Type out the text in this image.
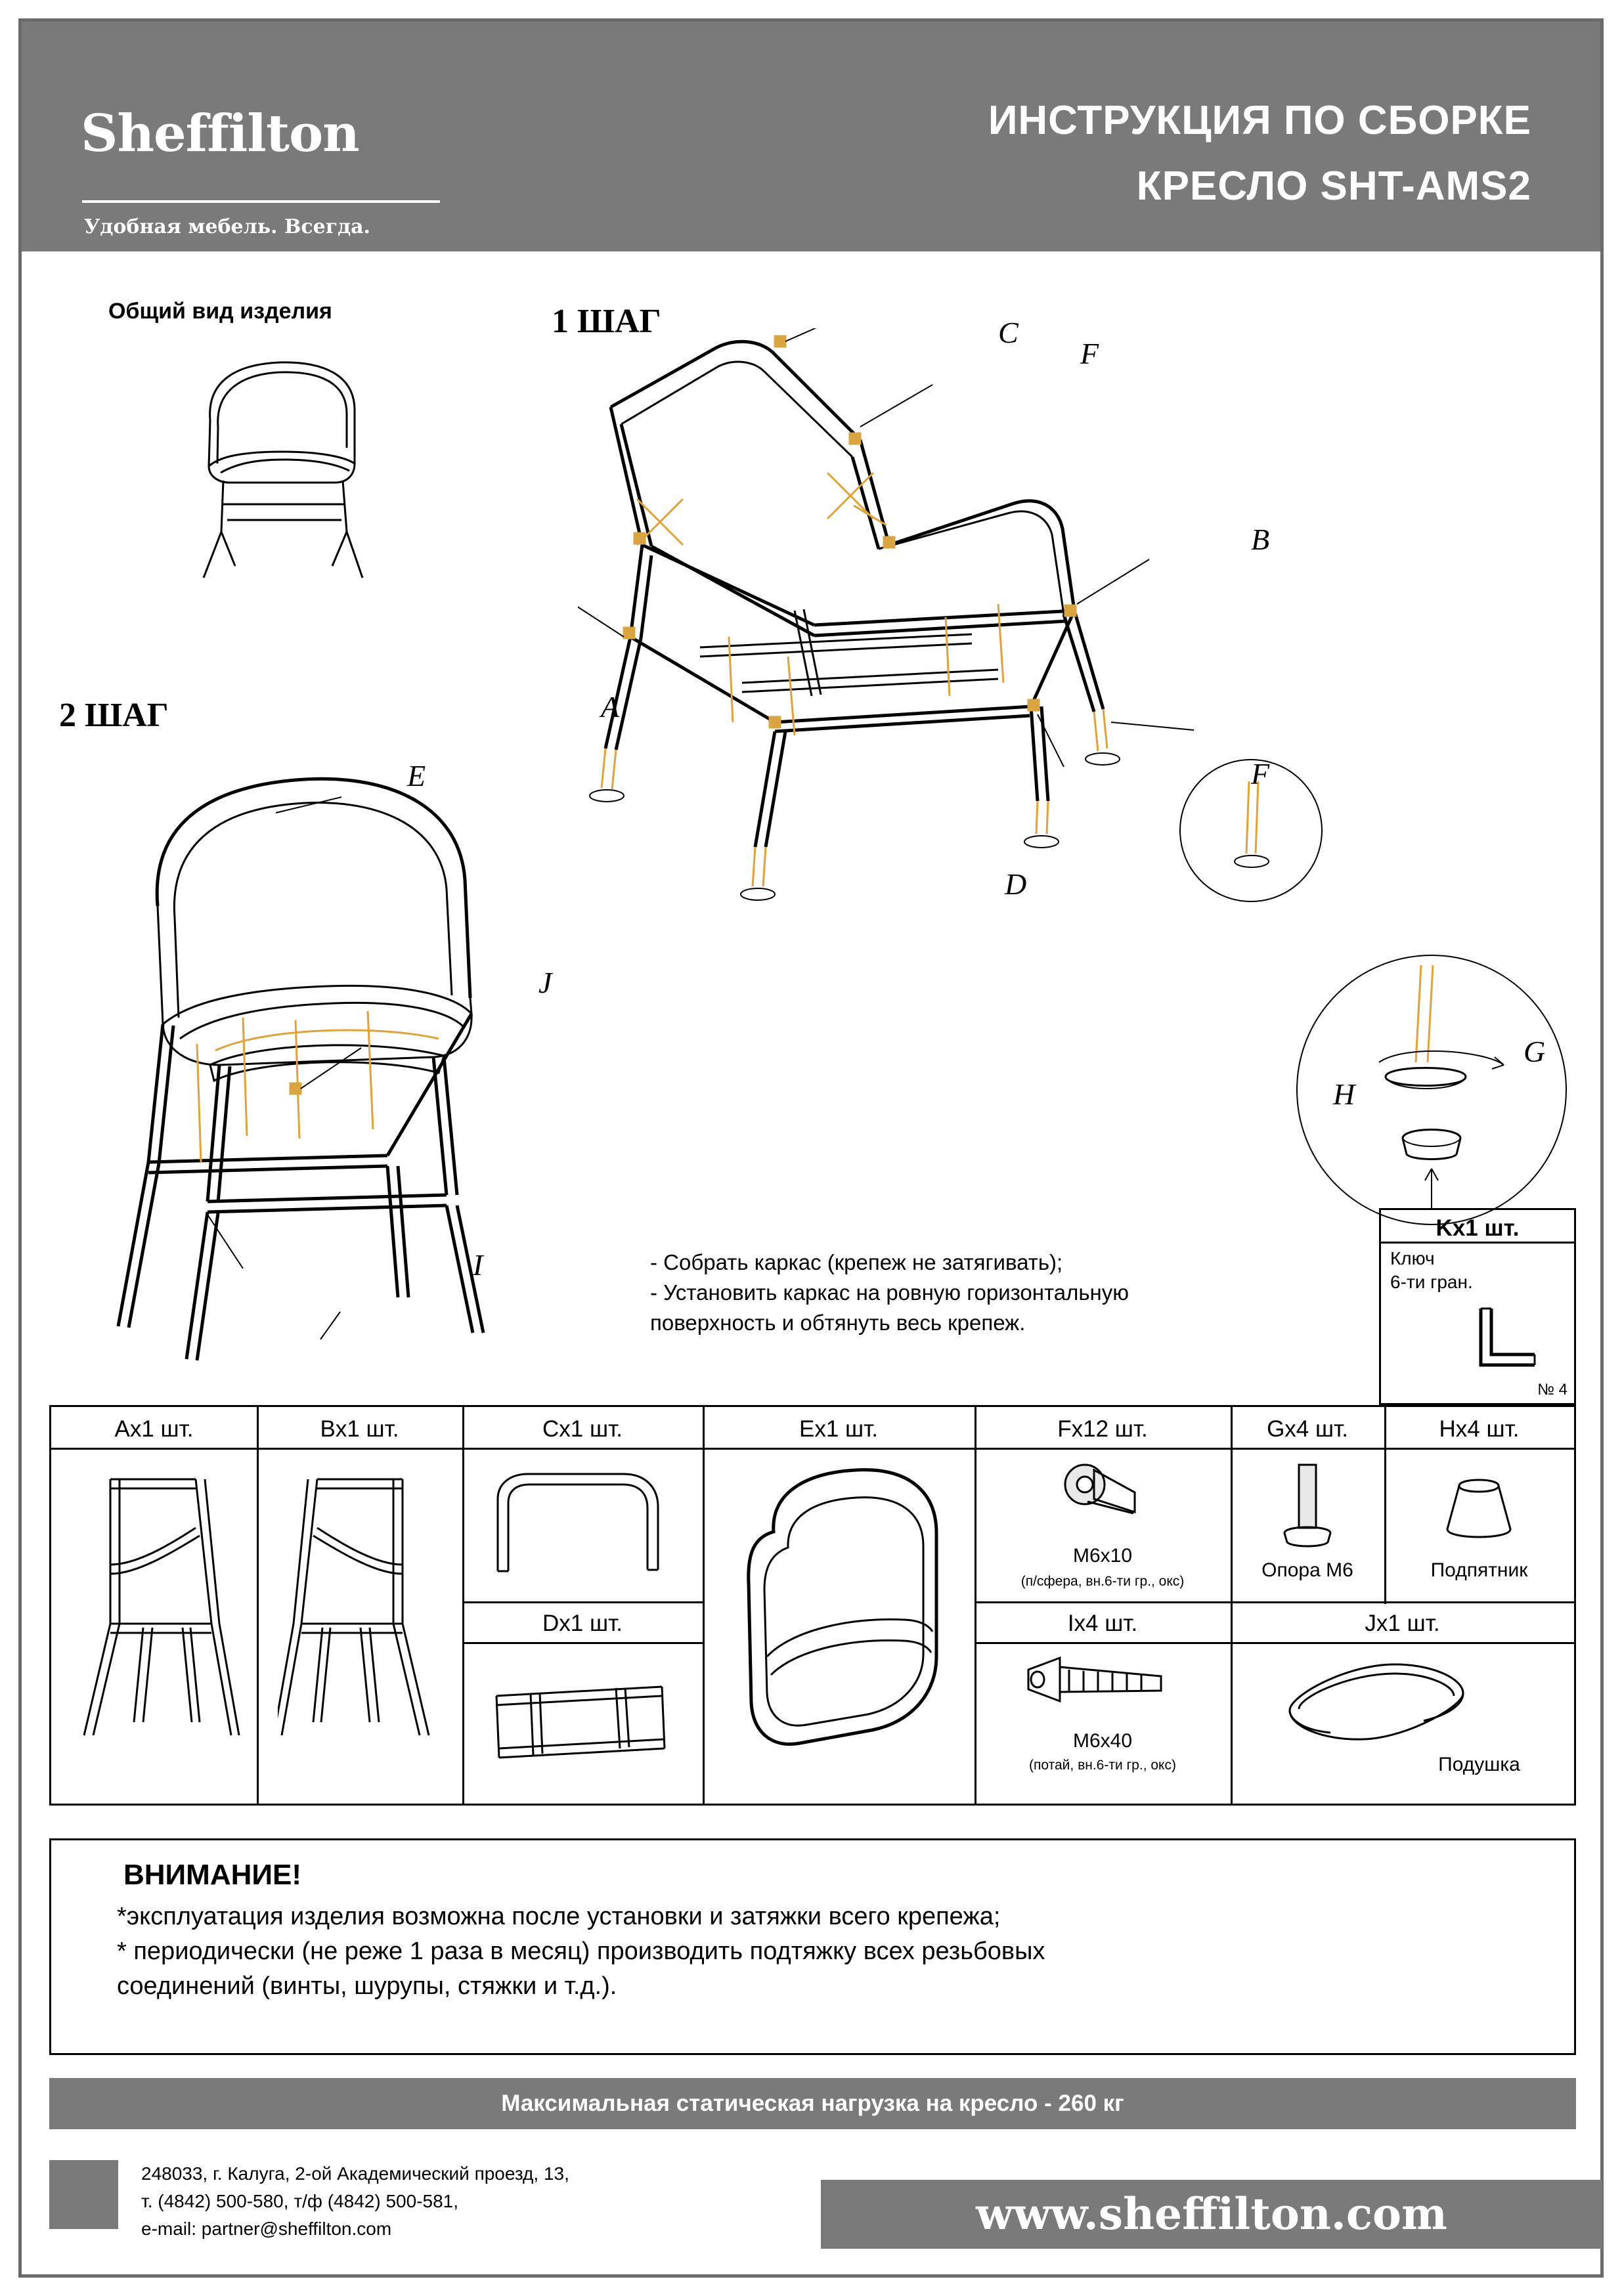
Sheffilton
Удобная мебель. Всегда.
ИНСТРУКЦИЯ ПО СБОРКЕ
КРЕСЛО SHT-AMS2
Общий вид изделия	1 ШАГ	C
F
B
A
D
F
G
H
2 ШАГ
E
J
I	- Собрать каркас (крепеж не затягивать);
- Установить каркас на ровную горизонтальную
поверхность и обтянуть весь крепеж.
Kx1 шт.
Ключ
6-ти гран.
№ 4
Ax1 шт.	Bx1 шт.	Cx1 шт.	Ex1 шт.	Fx12 шт.	Gx4 шт.	Hx4 шт.
Dx1 шт.	Ix4 шт.	Jx1 шт.
M6x10
(п/сфера, вн.6-ти гр., окс)
Опора M6	Подпятник
M6x40
(потай, вн.6-ти гр., окс)	Подушка
ВНИМАНИЕ!
*эксплуатация изделия возможна после установки и затяжки всего крепежа;
* периодически (не реже 1 раза в месяц) производить подтяжку всех резьбовых
соединений (винты, шурупы, стяжки и т.д.).
Максимальная статическая нагрузка на кресло - 260 кг
248033, г. Калуга, 2-ой Академический проезд, 13,
т. (4842) 500-580, т/ф (4842) 500-581,
e-mail: partner@sheffilton.com	www.sheffilton.com
